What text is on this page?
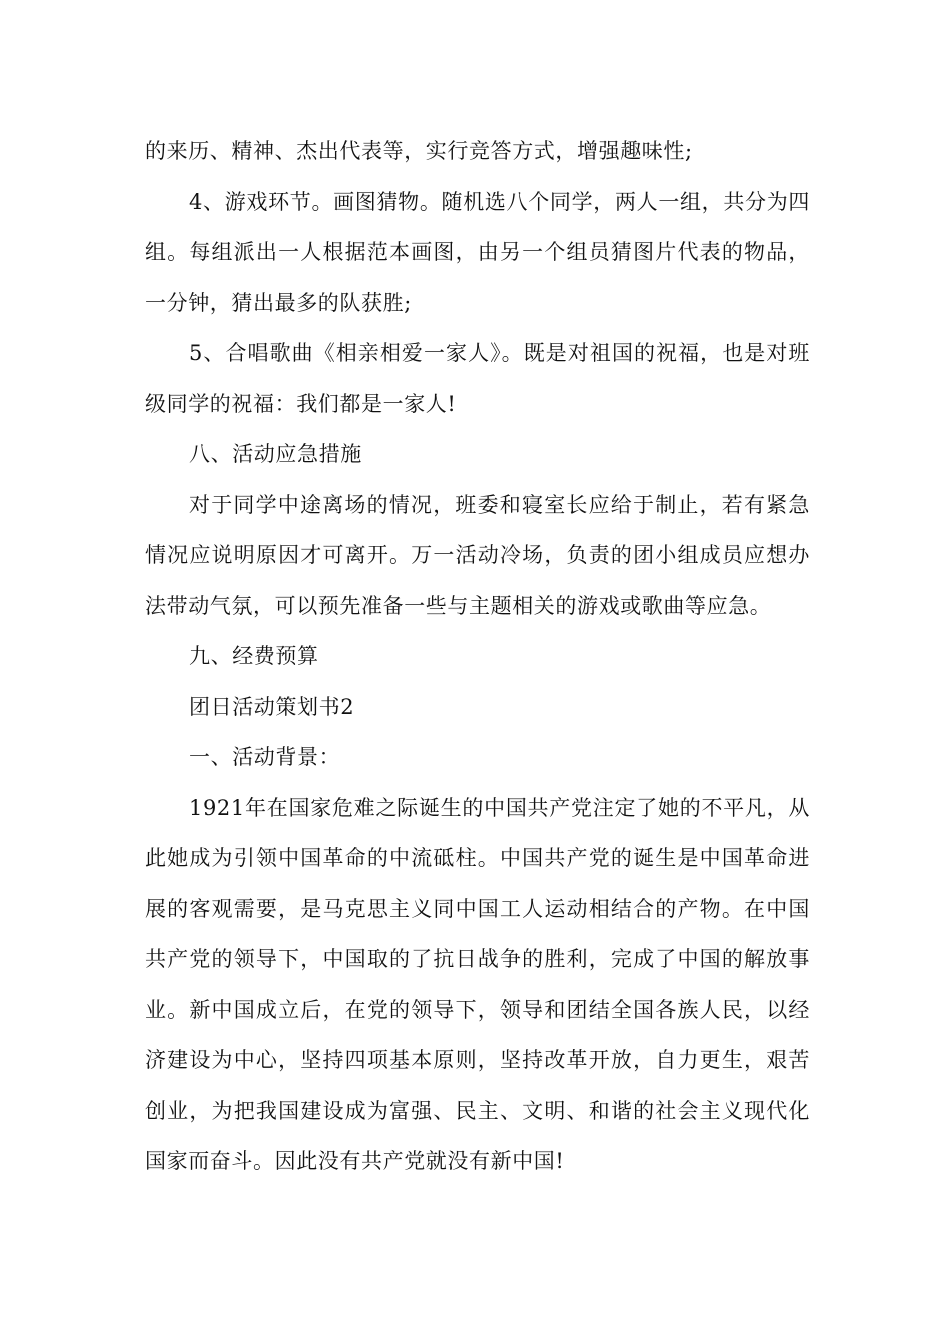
的来历、精神、杰出代表等，实行竞答方式，增强趣味性;

4、游戏环节。画图猜物。随机选八个同学，两人一组，共分为四组。每组派出一人根据范本画图，由另一个组员猜图片代表的物品，一分钟，猜出最多的队获胜;

5、合唱歌曲《相亲相爱一家人》。既是对祖国的祝福，也是对班级同学的祝福：我们都是一家人!

八、活动应急措施

对于同学中途离场的情况，班委和寝室长应给于制止，若有紧急情况应说明原因才可离开。万一活动冷场，负责的团小组成员应想办法带动气氛，可以预先准备一些与主题相关的游戏或歌曲等应急。

九、经费预算

团日活动策划书2

一、活动背景：

1921年在国家危难之际诞生的中国共产党注定了她的不平凡，从此她成为引领中国革命的中流砥柱。中国共产党的诞生是中国革命进展的客观需要，是马克思主义同中国工人运动相结合的产物。在中国共产党的领导下，中国取的了抗日战争的胜利，完成了中国的解放事业。新中国成立后，在党的领导下，领导和团结全国各族人民，以经济建设为中心，坚持四项基本原则，坚持改革开放，自力更生，艰苦创业，为把我国建设成为富强、民主、文明、和谐的社会主义现代化国家而奋斗。因此没有共产党就没有新中国!
